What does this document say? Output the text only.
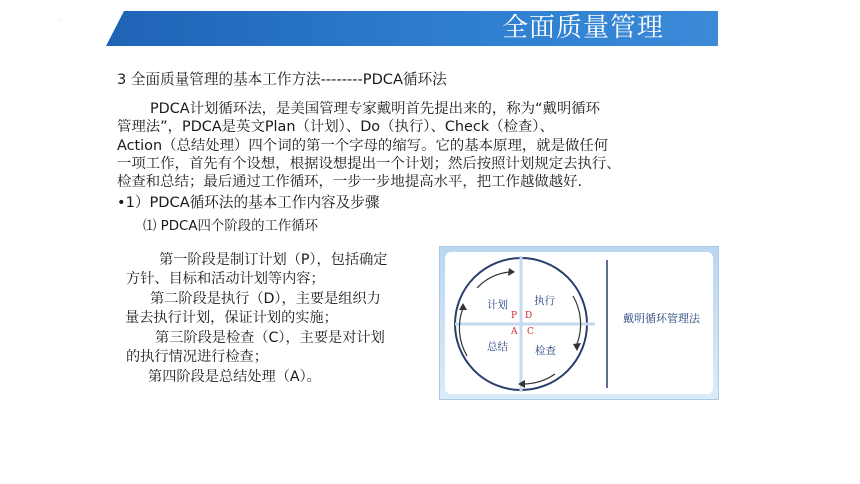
全面质量管理
·
3 全面质量管理的基本工作方法--------PDCA循环法
PDCA计划循环法，是美国管理专家戴明首先提出来的，称为“戴明循环
管理法”，PDCA是英文Plan（计划）、Do（执行）、Check（检查）、
Action（总结处理）四个词的第一个字母的缩写。它的基本原理，就是做任何
一项工作，首先有个设想，根据设想提出一个计划；然后按照计划规定去执行、
检查和总结；最后通过工作循环，一步一步地提高水平，把工作越做越好.
•1）PDCA循环法的基本工作内容及步骤
⑴ PDCA四个阶段的工作循环
第一阶段是制订计划（P），包括确定
方针、目标和活动计划等内容；
第二阶段是执行（D），主要是组织力
量去执行计划，保证计划的实施；
第三阶段是检查（C），主要是对计划
的执行情况进行检查；
第四阶段是总结处理（A）。
计划 执行
总结	检查
P D
A C
戴明循环管理法
